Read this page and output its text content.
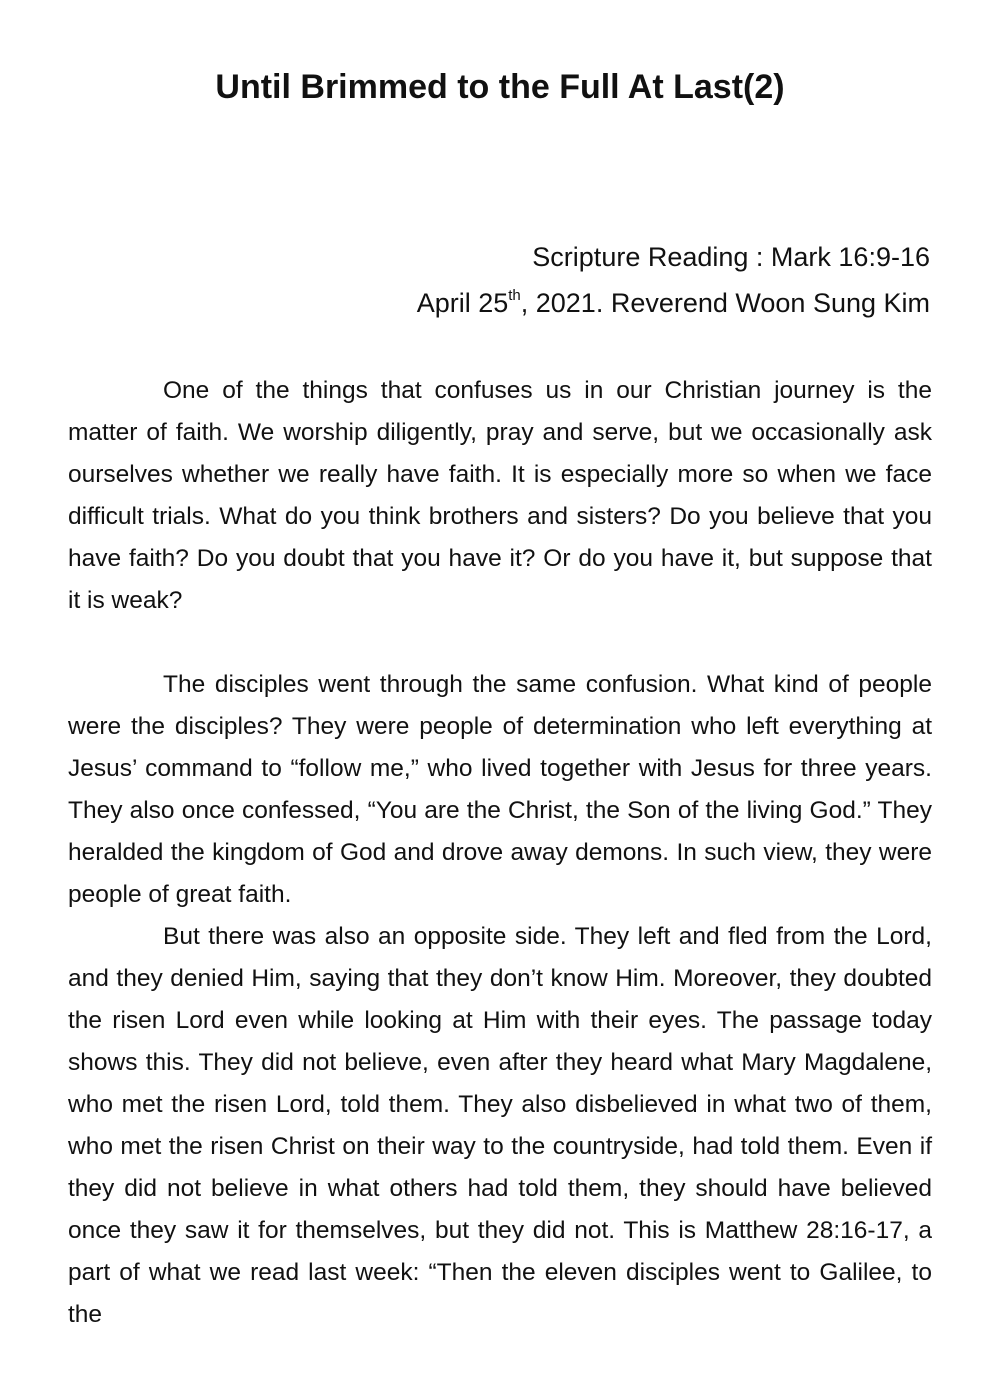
Until Brimmed to the Full At Last(2)
Scripture Reading : Mark 16:9-16
April 25th, 2021. Reverend Woon Sung Kim

One of the things that confuses us in our Christian journey is the matter of faith. We worship diligently, pray and serve, but we occasionally ask ourselves whether we really have faith. It is especially more so when we face difficult trials. What do you think brothers and sisters? Do you believe that you have faith? Do you doubt that you have it? Or do you have it, but suppose that it is weak?

The disciples went through the same confusion. What kind of people were the disciples? They were people of determination who left everything at Jesus’ command to “follow me,” who lived together with Jesus for three years. They also once confessed, “You are the Christ, the Son of the living God.” They heralded the kingdom of God and drove away demons. In such view, they were people of great faith.

But there was also an opposite side. They left and fled from the Lord, and they denied Him, saying that they don’t know Him. Moreover, they doubted the risen Lord even while looking at Him with their eyes. The passage today shows this. They did not believe, even after they heard what Mary Magdalene, who met the risen Lord, told them. They also disbelieved in what two of them, who met the risen Christ on their way to the countryside, had told them. Even if they did not believe in what others had told them, they should have believed once they saw it for themselves, but they did not. This is Matthew 28:16-17, a part of what we read last week: “Then the eleven disciples went to Galilee, to the
